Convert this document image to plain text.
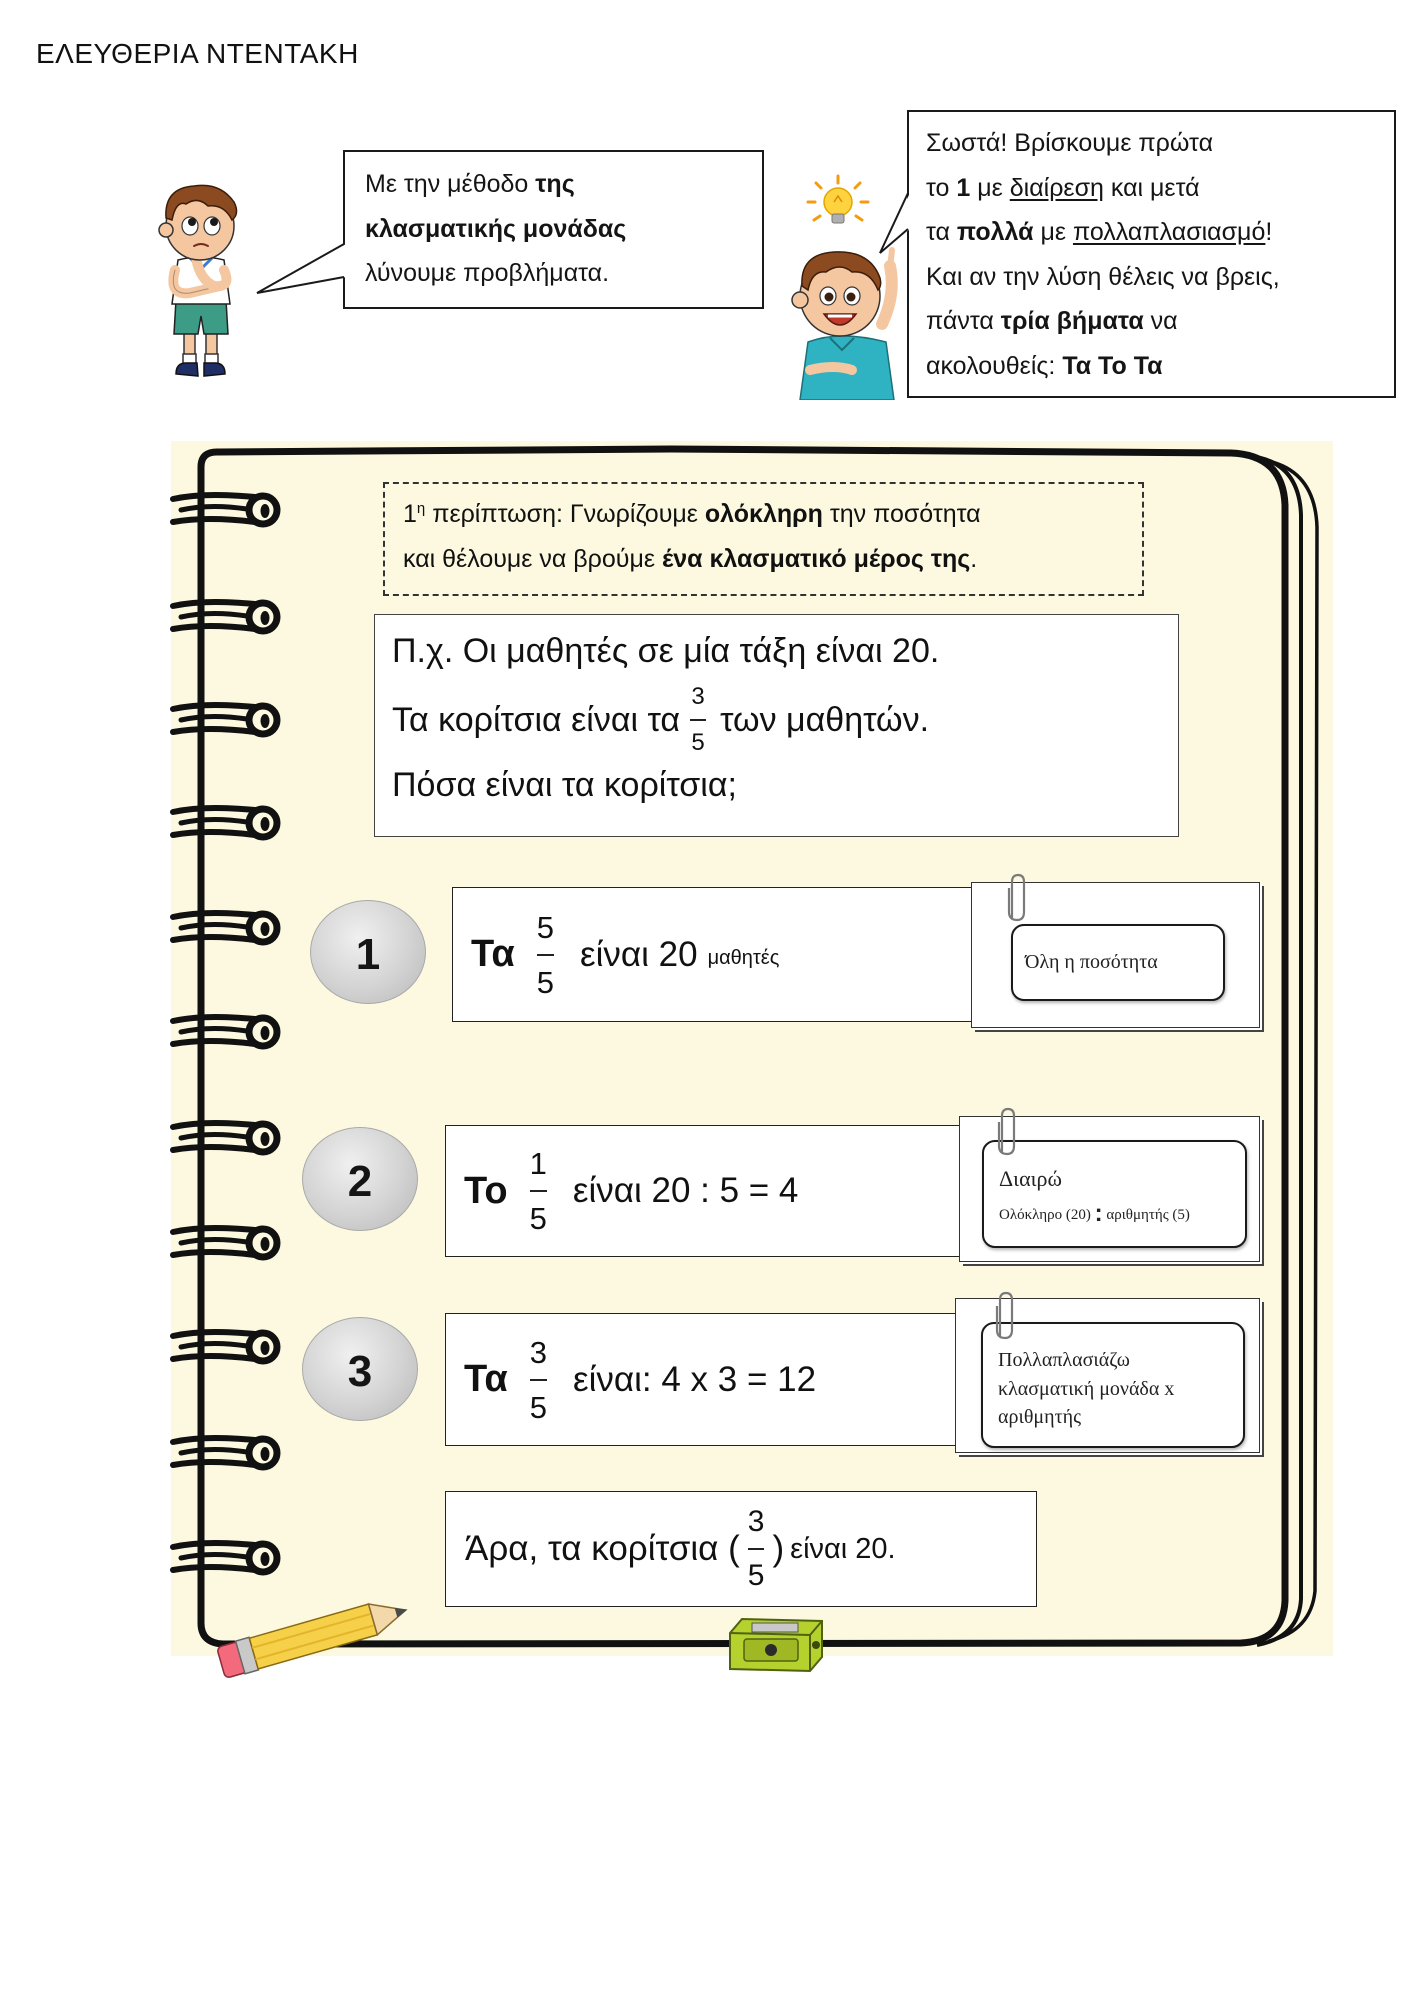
ΕΛΕΥΘΕΡΙΑ ΝΤΕΝΤΑΚΗ
Με την μέθοδο της
κλασματικής μονάδας
λύνουμε προβλήματα.
Σωστά! Βρίσκουμε πρώτα
το 1 με διαίρεση και μετά
τα πολλά με πολλαπλασιασμό!
Και αν την λύση θέλεις να βρεις,
πάντα τρία βήματα να
ακολουθείς: Τα Το Τα
$1^\eta$ περίπτωση: Γνωρίζουμε ολόκληρη την ποσότητα
και θέλουμε να βρούμε ένα κλασματικό μέρος της.
Π.χ. Οι μαθητές σε μία τάξη είναι 20.
Τα κορίτσια είναι τα $\frac{3}{5}$ των μαθητών.
Πόσα είναι τα κορίτσια;
1 Τα $\frac{5}{5}$ είναι 20 μαθητές	Όλη η ποσότητα
2 Το $\frac{1}{5}$ είναι 20 : 5 = 4	Διαιρώ
Ολόκληρο (20) : αριθμητής (5)
3 Τα $\frac{3}{5} \varepsilon ί\nu\alpha\iota$: 4 x 3 = 12	Πολλαπλασιάζω
κλασματική μονάδα x
αριθμητής
Άρα, τα κορίτσια ( $\frac{3}{5}$ ) είναι 20.
